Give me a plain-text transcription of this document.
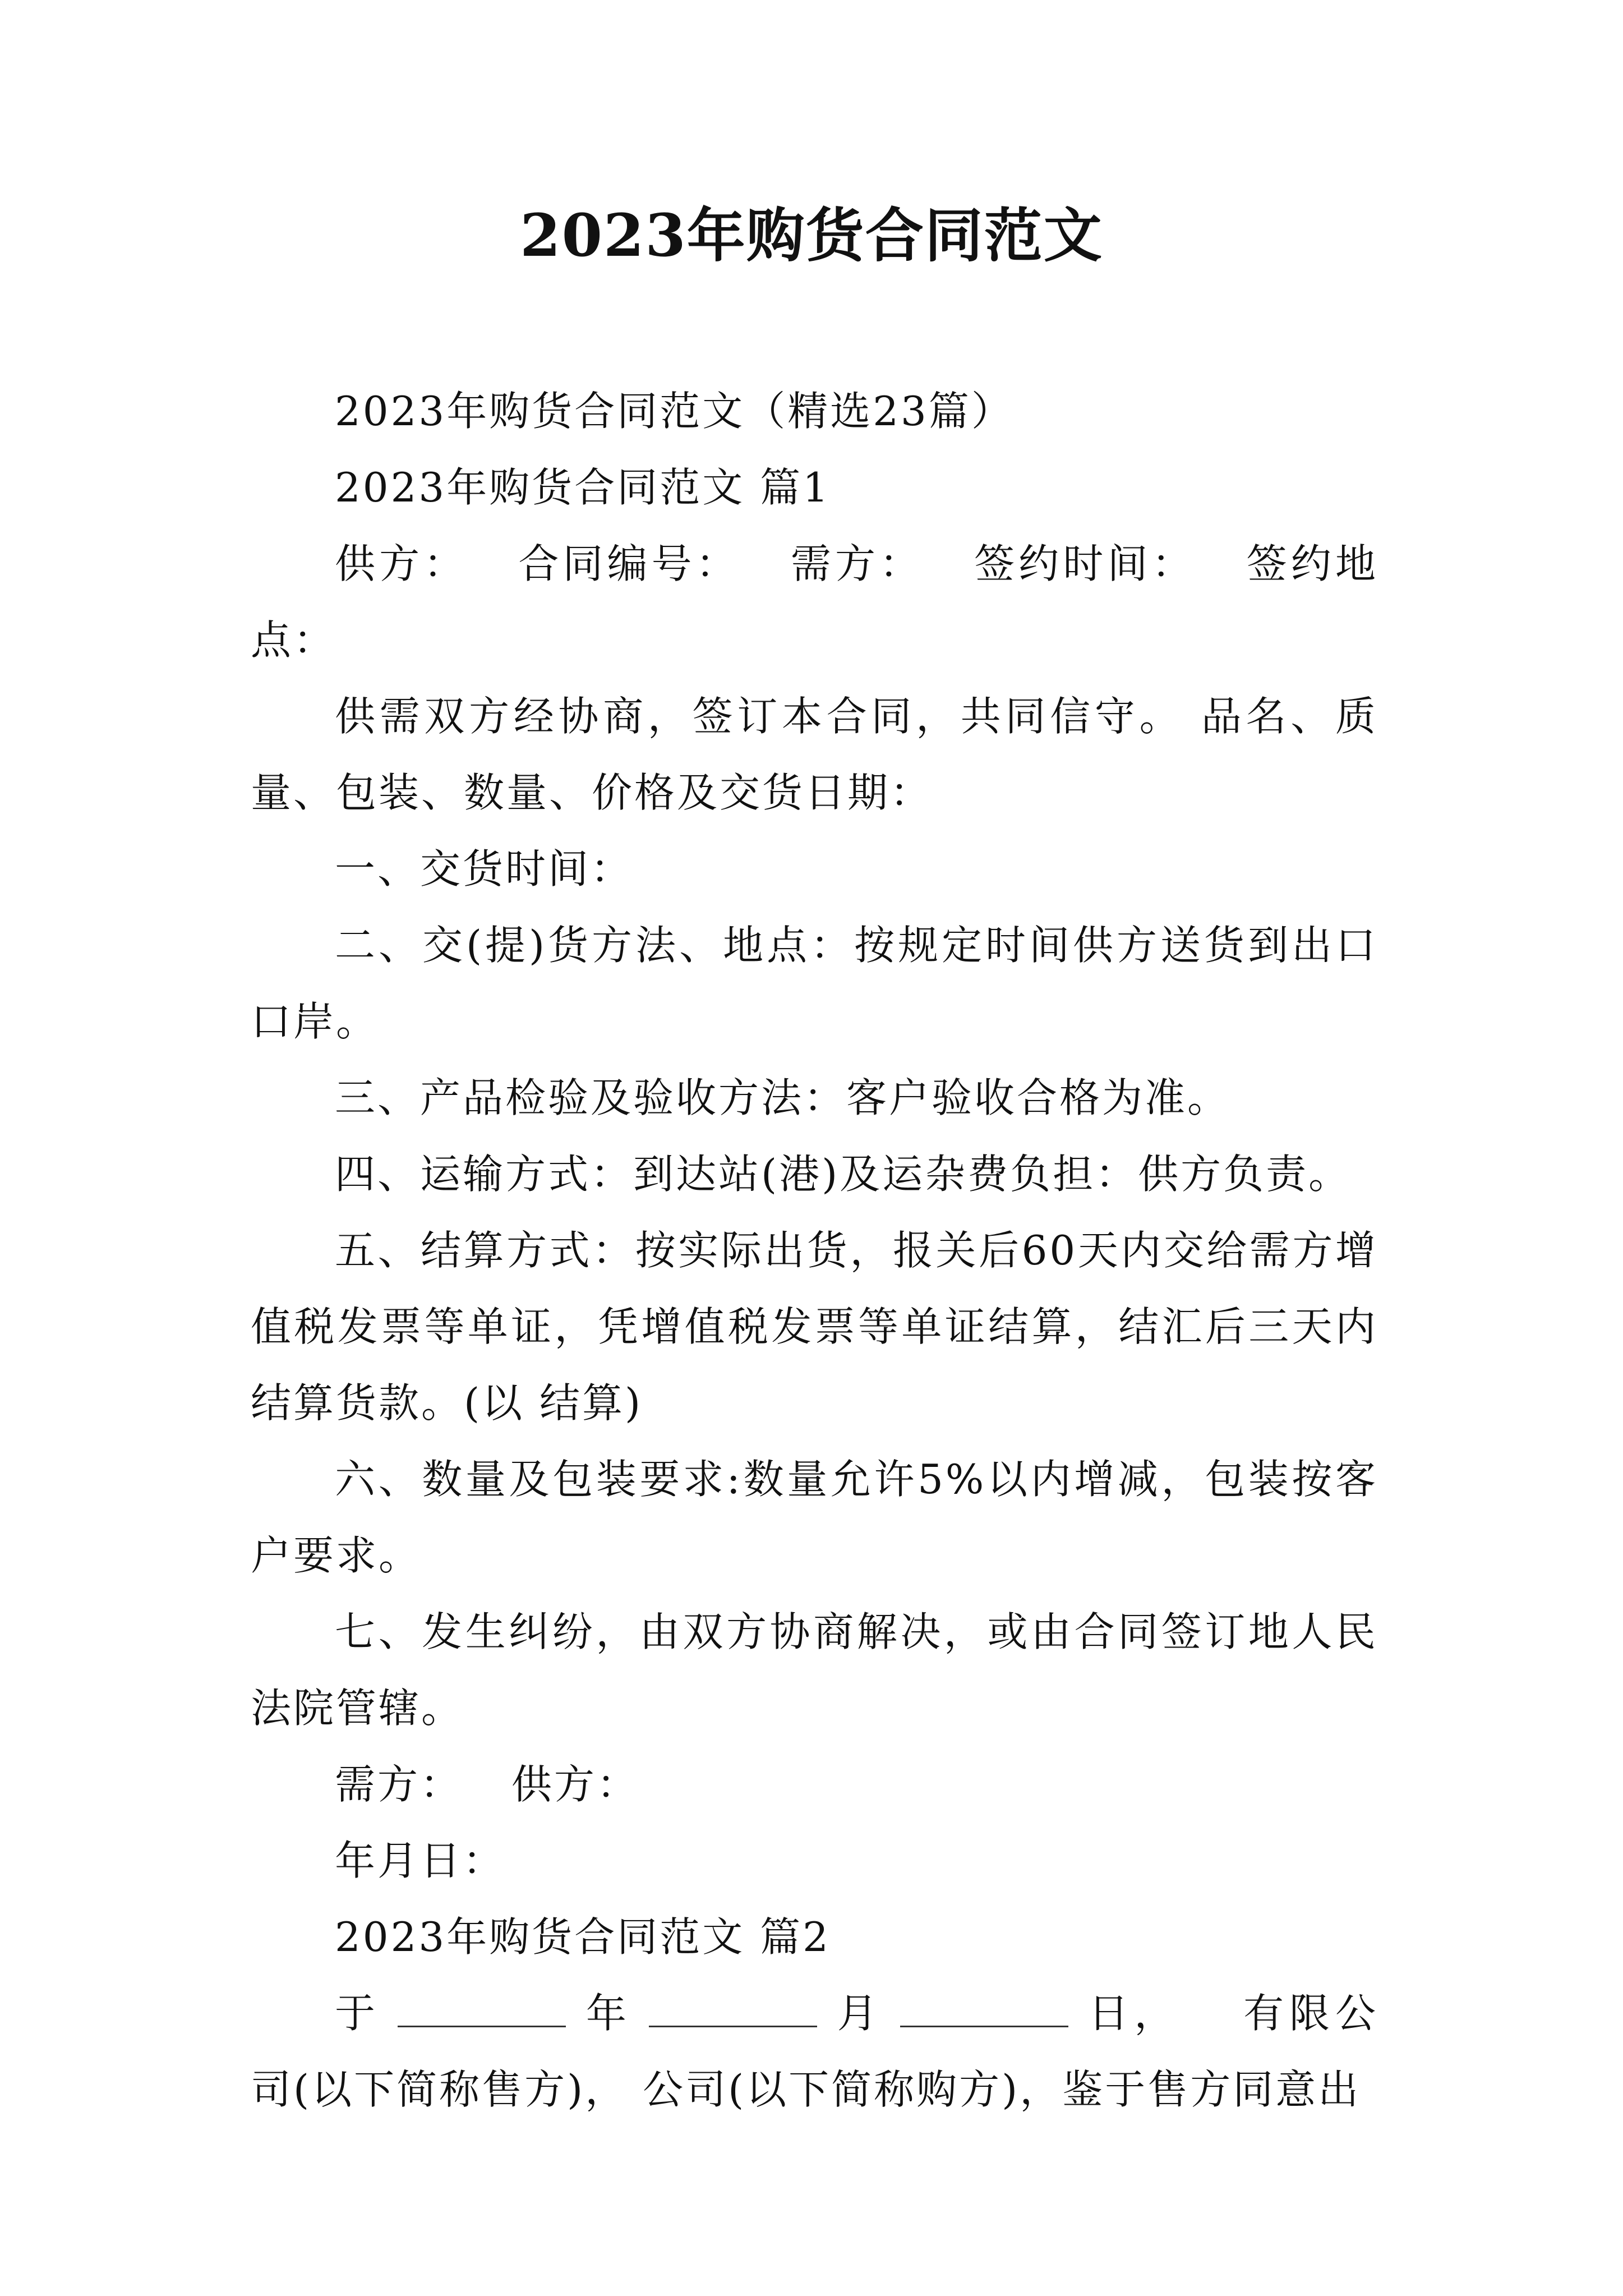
2023年购货合同范文

2023年购货合同范文（精选23篇）

2023年购货合同范文 篇1

供方： 合同编号： 需方： 签约时间： 签约地点：

供需双方经协商，签订本合同，共同信守。 品名、质量、包装、数量、价格及交货日期：

一、交货时间：

二、交(提)货方法、地点：按规定时间供方送货到出口口岸。

三、产品检验及验收方法：客户验收合格为准。

四、运输方式：到达站(港)及运杂费负担：供方负责。

五、结算方式：按实际出货，报关后60天内交给需方增值税发票等单证，凭增值税发票等单证结算，结汇后三天内结算货款。(以 结算)

六、数量及包装要求:数量允许5%以内增减，包装按客户要求。

七、发生纠纷，由双方协商解决，或由合同签订地人民法院管辖。

需方： 供方：

年月日：

2023年购货合同范文 篇2

于	年	月	日， 有限公司(以下简称售方)， 公司(以下简称购方)，鉴于售方同意出
